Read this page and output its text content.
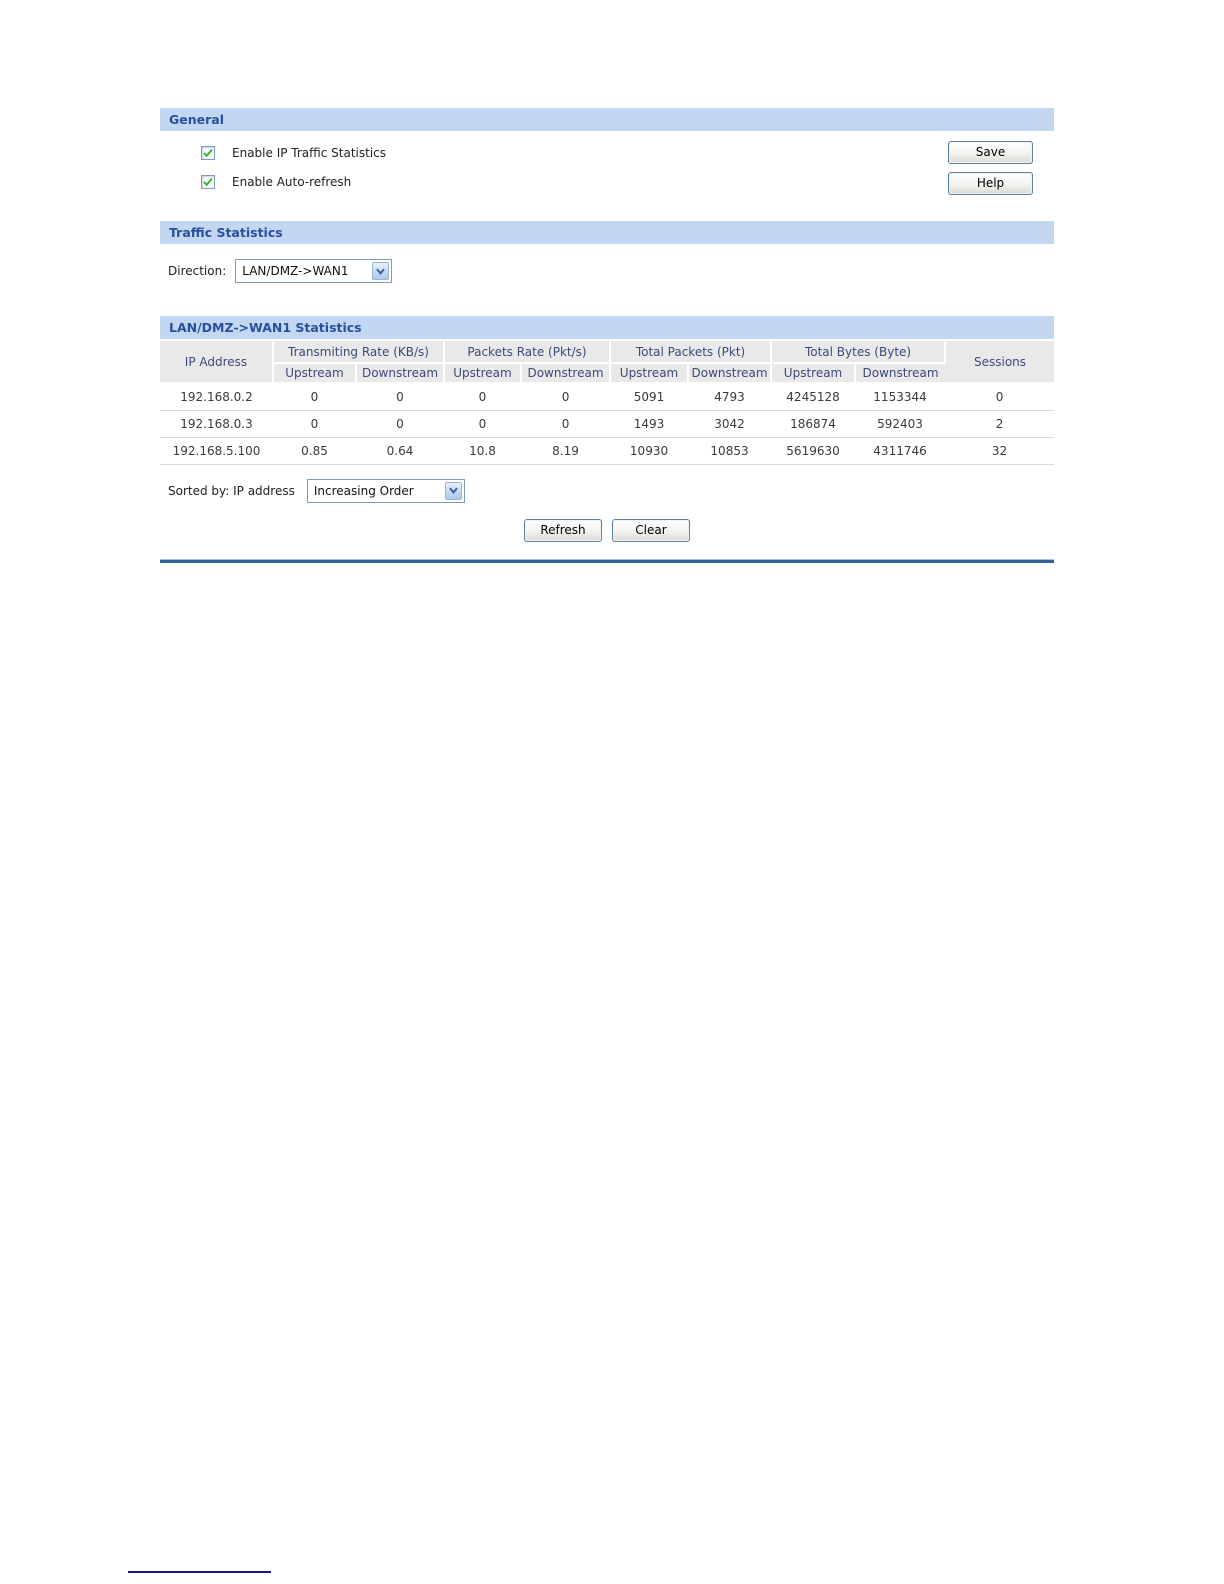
General
Enable IP Traffic Statistics
Enable Auto-refresh
Save
Help
Traffic Statistics
Direction:	LAN/DMZ->WAN1
LAN/DMZ->WAN1 Statistics
IP Address	Transmiting Rate (KB/s)		Packets Rate (Pkt/s)		Total Packets (Pkt)		Total Bytes (Byte)		Sessions
	Upstream	Downstream	Upstream	Downstream	Upstream	Downstream	Upstream	Downstream	
192.168.0.2	0	0	0	0	5091	4793	4245128	1153344	0
192.168.0.3	0	0	0	0	1493	3042	186874	592403	2
192.168.5.100	0.85	0.64	10.8	8.19	10930	10853	5619630	4311746	32
Sorted by: IP address	Increasing Order
Refresh	Clear
